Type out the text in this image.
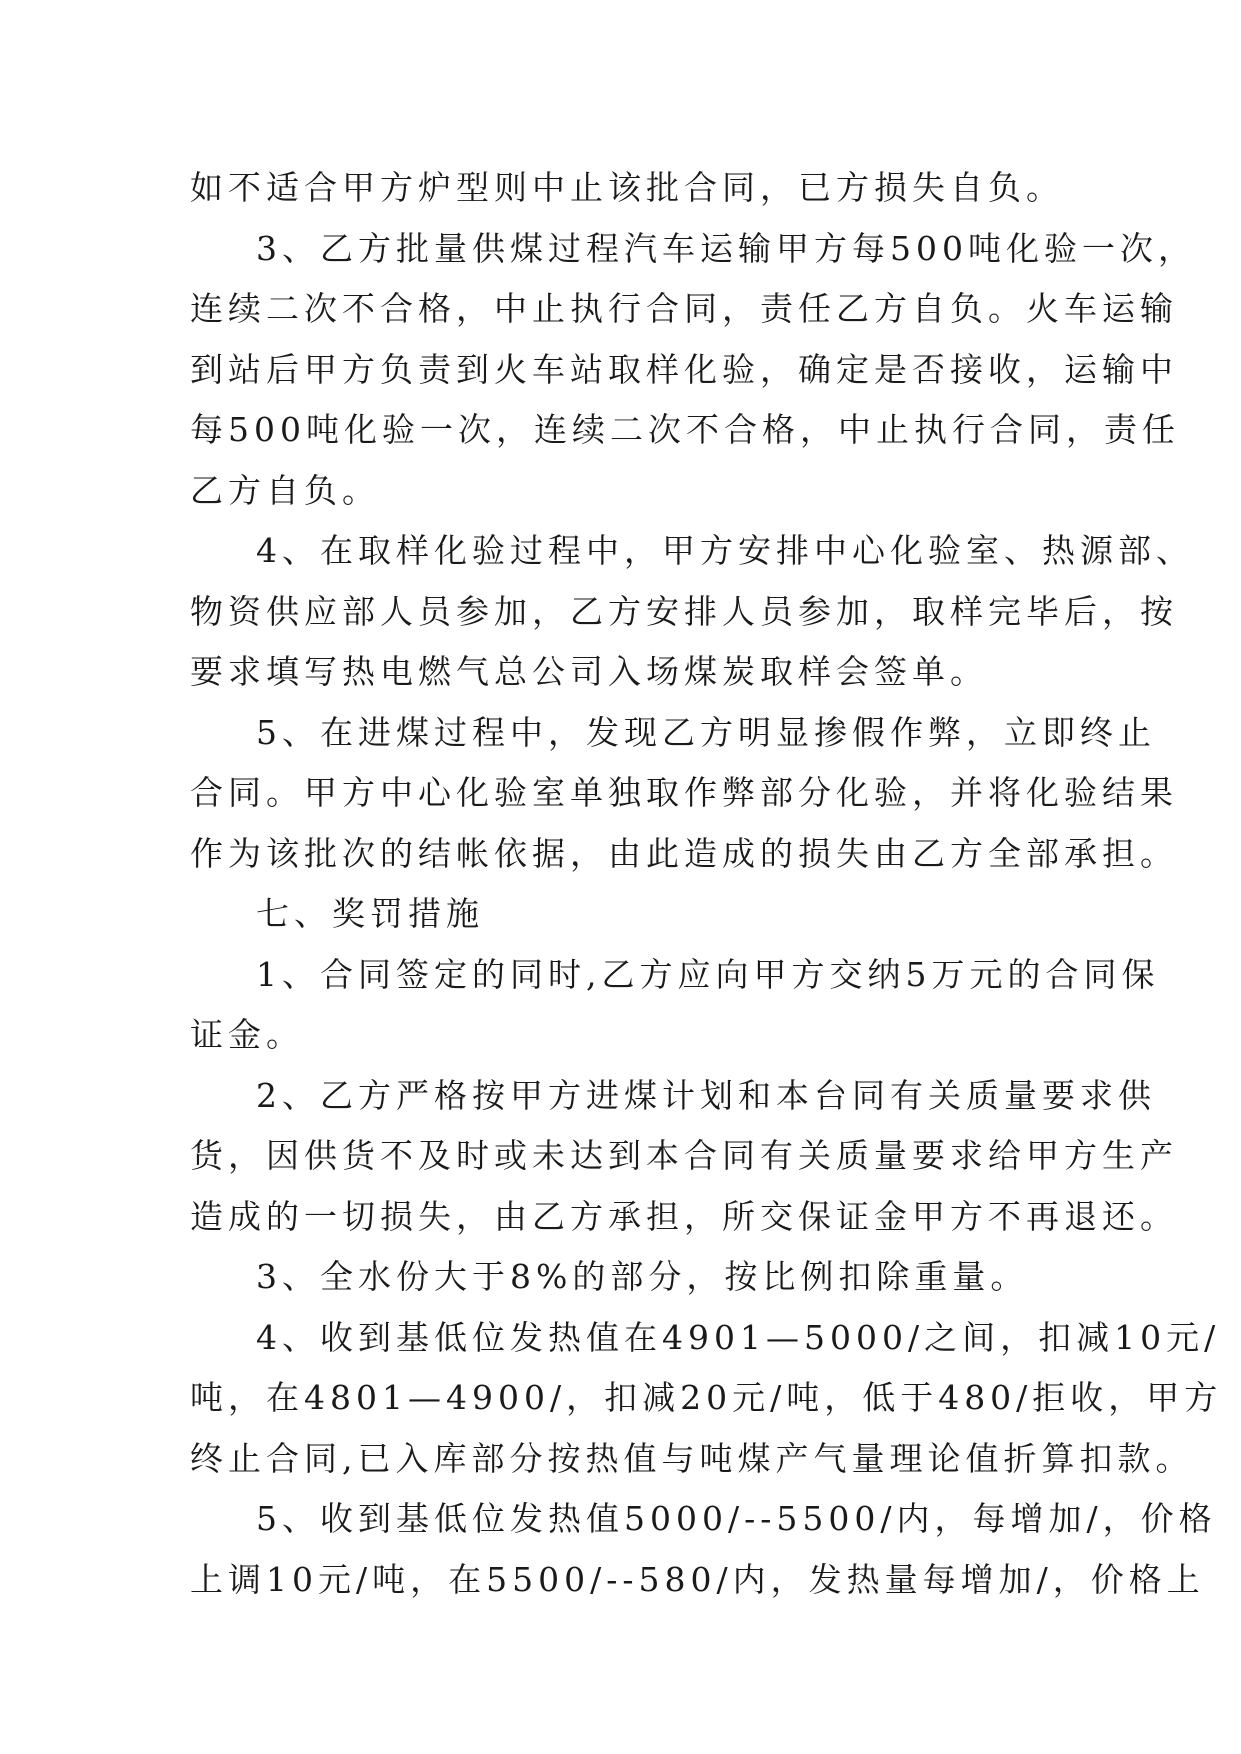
如不适合甲方炉型则中止该批合同，已方损失自负。
3、乙方批量供煤过程汽车运输甲方每500吨化验一次，
连续二次不合格，中止执行合同，责任乙方自负。火车运输
到站后甲方负责到火车站取样化验，确定是否接收，运输中
每500吨化验一次，连续二次不合格，中止执行合同，责任
乙方自负。
4、在取样化验过程中，甲方安排中心化验室、热源部、
物资供应部人员参加，乙方安排人员参加，取样完毕后，按
要求填写热电燃气总公司入场煤炭取样会签单。
5、在进煤过程中，发现乙方明显掺假作弊，立即终止
合同。甲方中心化验室单独取作弊部分化验，并将化验结果
作为该批次的结帐依据，由此造成的损失由乙方全部承担。
七、奖罚措施
1、合同签定的同时,乙方应向甲方交纳5万元的合同保
证金。
2、乙方严格按甲方进煤计划和本台同有关质量要求供
货，因供货不及时或未达到本合同有关质量要求给甲方生产
造成的一切损失，由乙方承担，所交保证金甲方不再退还。
3、全水份大于8%的部分，按比例扣除重量。
4、收到基低位发热值在4901—5000/之间，扣减10元/
吨，在4801—4900/，扣减20元/吨，低于480/拒收，甲方
终止合同,已入库部分按热值与吨煤产气量理论值折算扣款。
5、收到基低位发热值5000/--5500/内，每增加/，价格
上调10元/吨，在5500/--580/内，发热量每增加/，价格上
